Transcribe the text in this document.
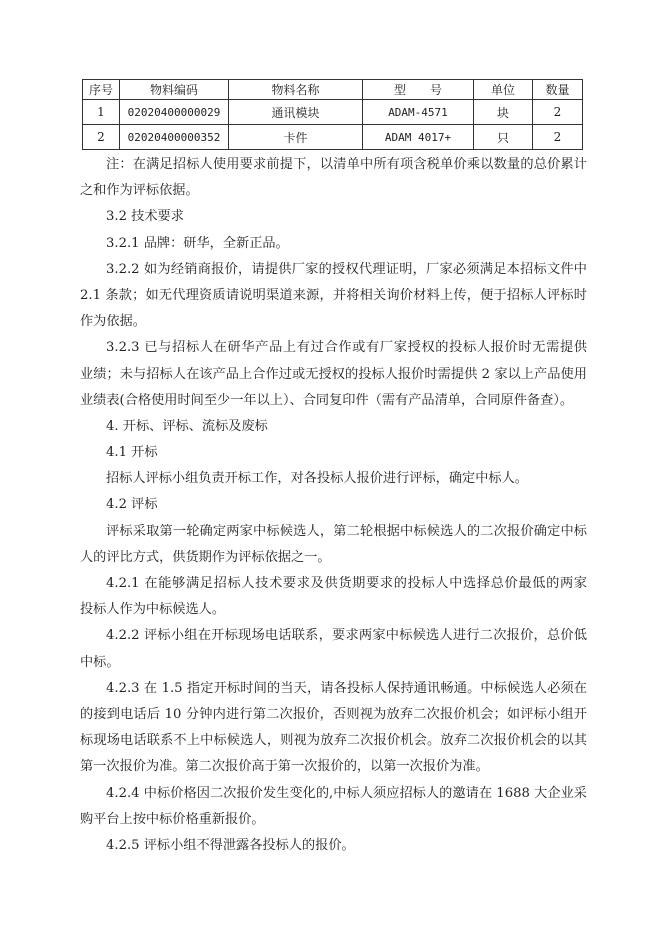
序号	物料编码	物料名称	型　　号	单位	数量
1	02020400000029	通讯模块	ADAM-4571	块	2
2	02020400000352	卡件	ADAM 4017+	只	2
注：在满足招标人使用要求前提下，以清单中所有项含税单价乘以数量的总价累计
之和作为评标依据。
3.2 技术要求
3.2.1 品牌：研华，全新正品。
3.2.2 如为经销商报价，请提供厂家的授权代理证明，厂家必须满足本招标文件中
2.1 条款；如无代理资质请说明渠道来源，并将相关询价材料上传，便于招标人评标时
作为依据。
3.2.3 已与招标人在研华产品上有过合作或有厂家授权的投标人报价时无需提供
业绩；未与招标人在该产品上合作过或无授权的投标人报价时需提供 2 家以上产品使用
业绩表(合格使用时间至少一年以上）、合同复印件（需有产品清单，合同原件备查）。
4. 开标、评标、流标及废标
4.1 开标
招标人评标小组负责开标工作，对各投标人报价进行评标，确定中标人。
4.2 评标
评标采取第一轮确定两家中标候选人，第二轮根据中标候选人的二次报价确定中标
人的评比方式，供货期作为评标依据之一。
4.2.1 在能够满足招标人技术要求及供货期要求的投标人中选择总价最低的两家
投标人作为中标候选人。
4.2.2 评标小组在开标现场电话联系，要求两家中标候选人进行二次报价，总价低
中标。
4.2.3 在 1.5 指定开标时间的当天，请各投标人保持通讯畅通。中标候选人必须在
的接到电话后 10 分钟内进行第二次报价，否则视为放弃二次报价机会；如评标小组开
标现场电话联系不上中标候选人，则视为放弃二次报价机会。放弃二次报价机会的以其
第一次报价为准。第二次报价高于第一次报价的，以第一次报价为准。
4.2.4 中标价格因二次报价发生变化的,中标人须应招标人的邀请在 1688 大企业采
购平台上按中标价格重新报价。
4.2.5 评标小组不得泄露各投标人的报价。
